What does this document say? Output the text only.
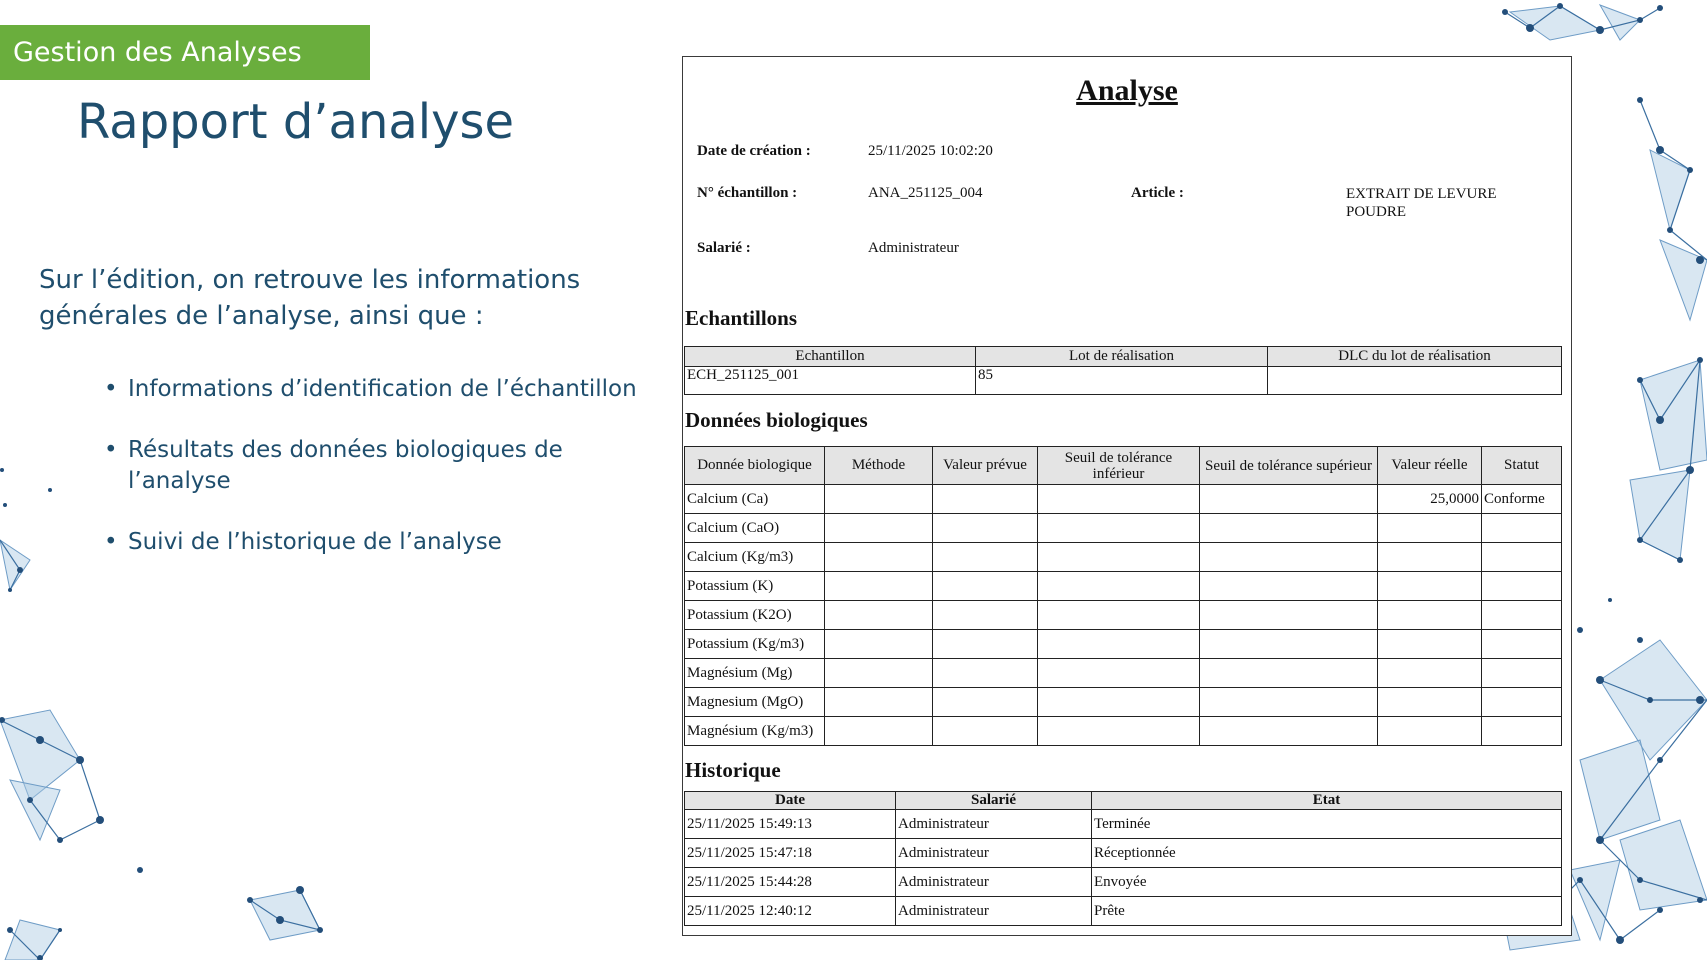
Gestion des Analyses
Rapport d’analyse
Sur l’édition, on retrouve les informations générales de l’analyse, ainsi que :
• Informations d’identification de l’échantillon
• Résultats des données biologiques de l’analyse
• Suivi de l’historique de l’analyse
Analyse
Date de création :	25/11/2025 10:02:20
N° échantillon :	ANA_251125_004	Article :	EXTRAIT DE LEVURE POUDRE
Salarié :	Administrateur
Echantillons
Echantillon	Lot de réalisation	DLC du lot de réalisation
ECH_251125_001	85	
Données biologiques
Donnée biologique	Méthode	Valeur prévue	Seuil de tolérance inférieur	Seuil de tolérance supérieur	Valeur réelle	Statut
Calcium (Ca)					25,0000	Conforme
Calcium (CaO)						
Calcium (Kg/m3)						
Potassium (K)						
Potassium (K2O)						
Potassium (Kg/m3)						
Magnésium (Mg)						
Magnesium (MgO)						
Magnésium (Kg/m3)						
Historique
Date	Salarié	Etat
25/11/2025 15:49:13	Administrateur	Terminée
25/11/2025 15:47:18	Administrateur	Réceptionnée
25/11/2025 15:44:28	Administrateur	Envoyée
25/11/2025 12:40:12	Administrateur	Prête
